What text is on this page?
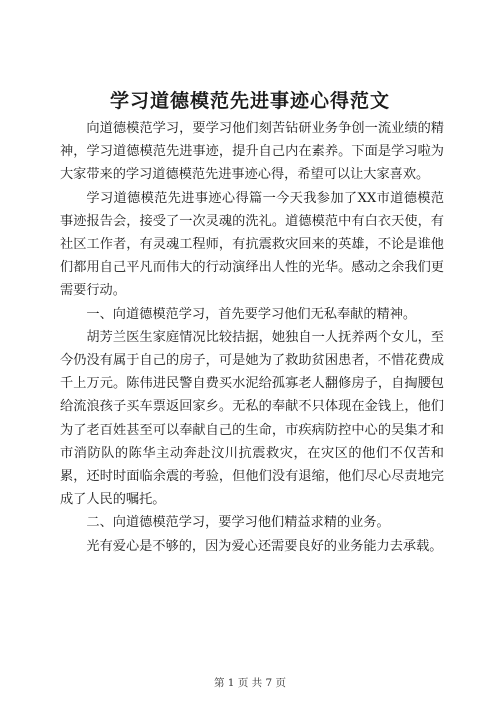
学习道德模范先进事迹心得范文

向道德模范学习，要学习他们刻苦钻研业务争创一流业绩的精神，学习道德模范先进事迹，提升自己内在素养。下面是学习啦为大家带来的学习道德模范先进事迹心得，希望可以让大家喜欢。

学习道德模范先进事迹心得篇一今天我参加了XX市道德模范事迹报告会，接受了一次灵魂的洗礼。道德模范中有白衣天使，有社区工作者，有灵魂工程师，有抗震救灾回来的英雄，不论是谁他们都用自己平凡而伟大的行动演绎出人性的光华。感动之余我们更需要行动。

一、向道德模范学习，首先要学习他们无私奉献的精神。

胡芳兰医生家庭情况比较拮据，她独自一人抚养两个女儿，至今仍没有属于自己的房子，可是她为了救助贫困患者，不惜花费成千上万元。陈伟进民警自费买水泥给孤寡老人翻修房子，自掏腰包给流浪孩子买车票返回家乡。无私的奉献不只体现在金钱上，他们为了老百姓甚至可以奉献自己的生命，市疾病防控中心的吴集才和市消防队的陈华主动奔赴汶川抗震救灾，在灾区的他们不仅苦和累，还时时面临余震的考验，但他们没有退缩，他们尽心尽责地完成了人民的嘱托。

二、向道德模范学习，要学习他们精益求精的业务。

光有爱心是不够的，因为爱心还需要良好的业务能力去承载。

第 1 页 共 7 页
